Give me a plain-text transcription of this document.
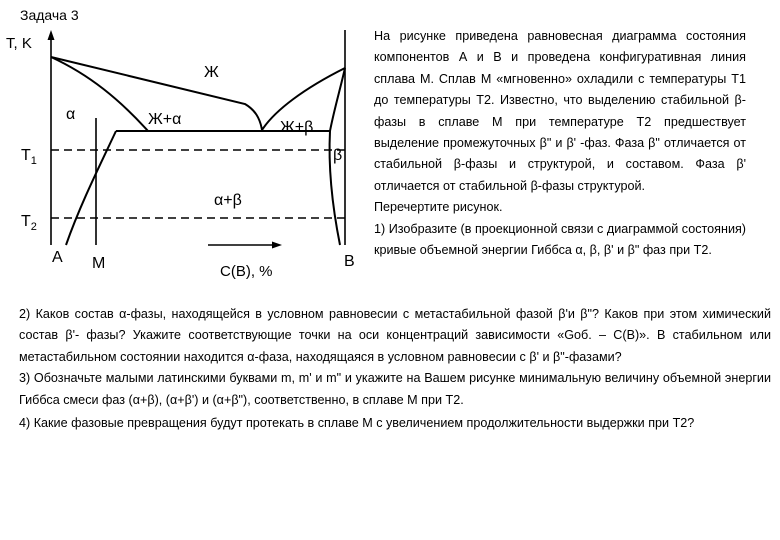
Задача 3
T, K
$T_1$
$T_2$
Ж
α	Ж+α	Ж+β
β
α+β
A M	C(B), %
B

На рисунке приведена равновесная диаграмма состояния компонентов А и В и проведена конфигуративная линия сплава М. Сплав М «мгновенно» охладили с температуры Т1 до температуры Т2. Известно, что выделению стабильной β-фазы в сплаве М при температуре Т2 предшествует выделение промежуточных β" и β' -фаз. Фаза β" отличается от стабильной β-фазы и структурой, и составом. Фаза β' отличается от стабильной β-фазы структурой.

Перечертите рисунок.

1) Изобразите (в проекционной связи с диаграммой состояния) кривые объемной энергии Гиббса α, β, β' и β" фаз при Т2.

2) Каков состав α-фазы, находящейся в условном равновесии с метастабильной фазой β'и β"? Каков при этом химический состав β'- фазы? Укажите соответствующие точки на оси концентраций зависимости «Gоб. – C(B)». В стабильном или метастабильном состоянии находится α-фаза, находящаяся в условном равновесии с β' и β"-фазами?

3) Обозначьте малыми латинскими буквами m, m' и m" и укажите на Вашем рисунке минимальную величину объемной энергии Гиббса смеси фаз (α+β), (α+β') и (α+β"), соответственно, в сплаве М при Т2.

4) Какие фазовые превращения будут протекать в сплаве М с увеличением продолжительности выдержки при Т2?
